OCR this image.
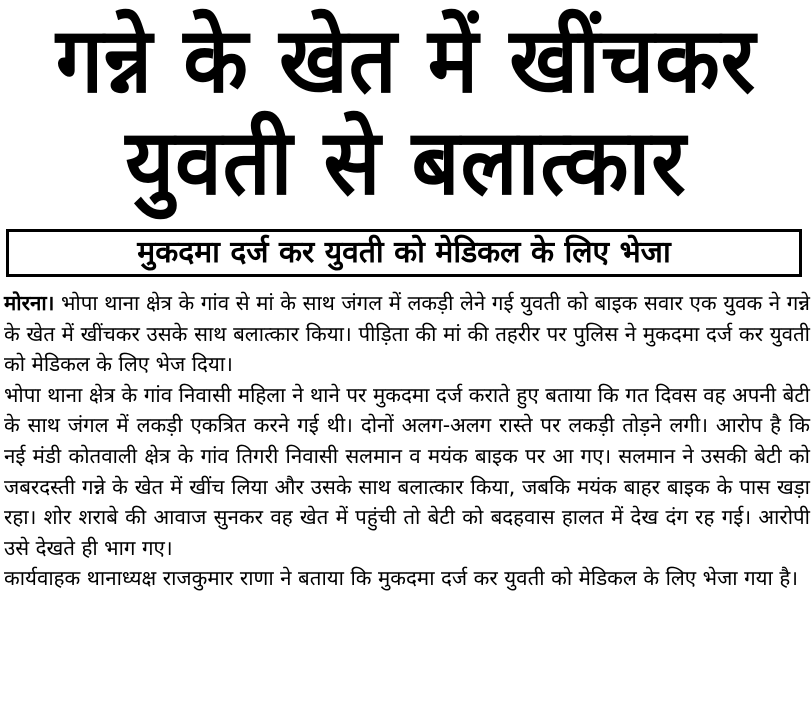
गन्ने के खेत में खींचकर
युवती से बलात्कार
मुकदमा दर्ज कर युवती को मेडिकल के लिए भेजा

मोरना। भोपा थाना क्षेत्र के गांव से मां के साथ जंगल में लकड़ी लेने गई युवती को बाइक सवार एक युवक ने गन्ने के खेत में खींचकर उसके साथ बलात्कार किया। पीड़िता की मां की तहरीर पर पुलिस ने मुकदमा दर्ज कर युवती को मेडिकल के लिए भेज दिया।

भोपा थाना क्षेत्र के गांव निवासी महिला ने थाने पर मुकदमा दर्ज कराते हुए बताया कि गत दिवस वह अपनी बेटी के साथ जंगल में लकड़ी एकत्रित करने गई थी। दोनों अलग-अलग रास्ते पर लकड़ी तोड़ने लगी। आरोप है कि नई मंडी कोतवाली क्षेत्र के गांव तिगरी निवासी सलमान व मयंक बाइक पर आ गए। सलमान ने उसकी बेटी को जबरदस्ती गन्ने के खेत में खींच लिया और उसके साथ बलात्कार किया, जबकि मयंक बाहर बाइक के पास खड़ा रहा। शोर शराबे की आवाज सुनकर वह खेत में पहुंची तो बेटी को बदहवास हालत में देख दंग रह गई। आरोपी उसे देखते ही भाग गए।

कार्यवाहक थानाध्यक्ष राजकुमार राणा ने बताया कि मुकदमा दर्ज कर युवती को मेडिकल के लिए भेजा गया है।
